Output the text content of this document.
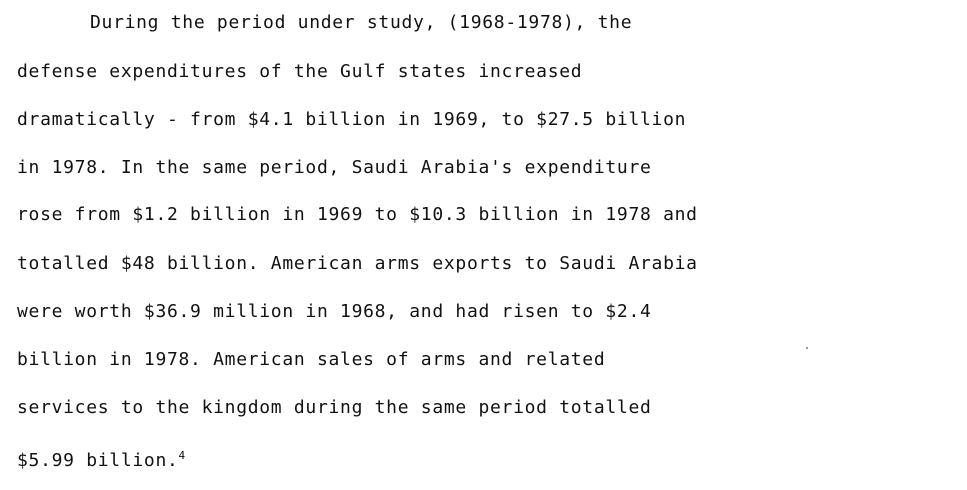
During the period under study, (1968-1978), the
defense expenditures of the Gulf states increased
dramatically - from $4.1 billion in 1969, to $27.5 billion
in 1978. In the same period, Saudi Arabia's expenditure
rose from $1.2 billion in 1969 to $10.3 billion in 1978 and
totalled $48 billion. American arms exports to Saudi Arabia
were worth $36.9 million in 1968, and had risen to $2.4
billion in 1978. American sales of arms and related
services to the kingdom during the same period totalled
$5.99 billion.$^4$
